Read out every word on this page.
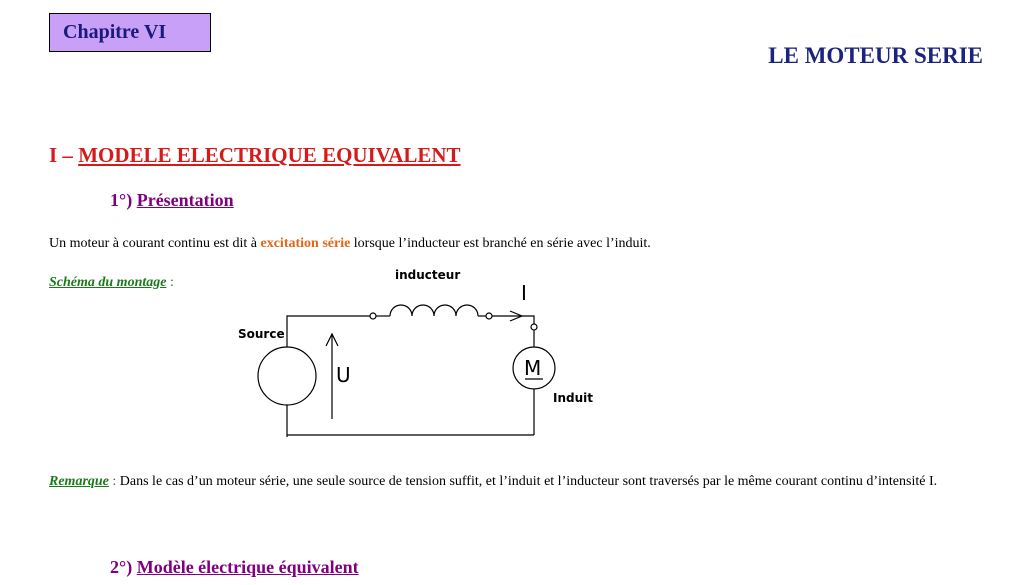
Chapitre VI
LE MOTEUR SERIE
I – MODELE ELECTRIQUE EQUIVALENT
1°) Présentation
Un moteur à courant continu est dit à excitation série lorsque l’inducteur est branché en série avec l’induit.
Schéma du montage :	inducteur
I
Source
U	M
Induit
Remarque : Dans le cas d’un moteur série, une seule source de tension suffit, et l’induit et l’inducteur sont traversés par le même courant continu d’intensité I.
2°) Modèle électrique équivalent
